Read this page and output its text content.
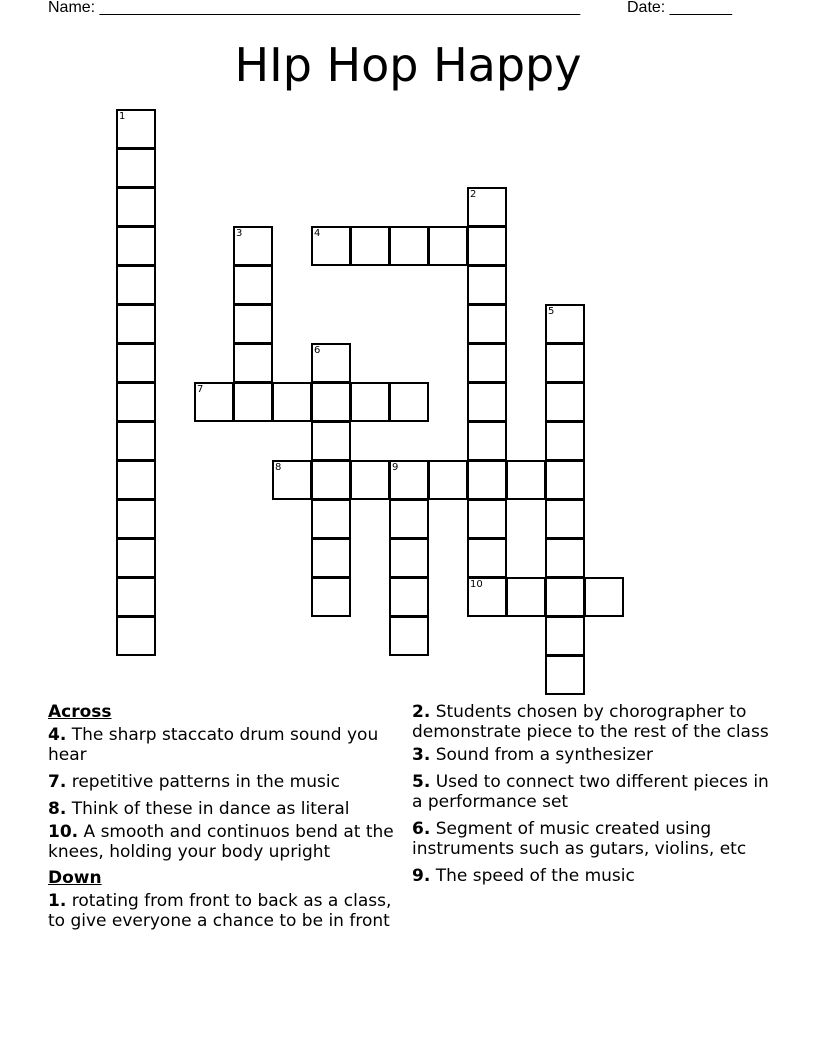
Name: ______________________________________________________	Date: _______
HIp Hop Happy
1
2
10
3	4
5
6
7
8	9
Across
4. The sharp staccato drum sound you hear
7. repetitive patterns in the music
8. Think of these in dance as literal
10. A smooth and continuos bend at the knees, holding your body upright
Down
1. rotating from front to back as a class, to give everyone a chance to be in front
2. Students chosen by chorographer to demonstrate piece to the rest of the class
3. Sound from a synthesizer
5. Used to connect two different pieces in a performance set
6. Segment of music created using instruments such as gutars, violins, etc
9. The speed of the music
